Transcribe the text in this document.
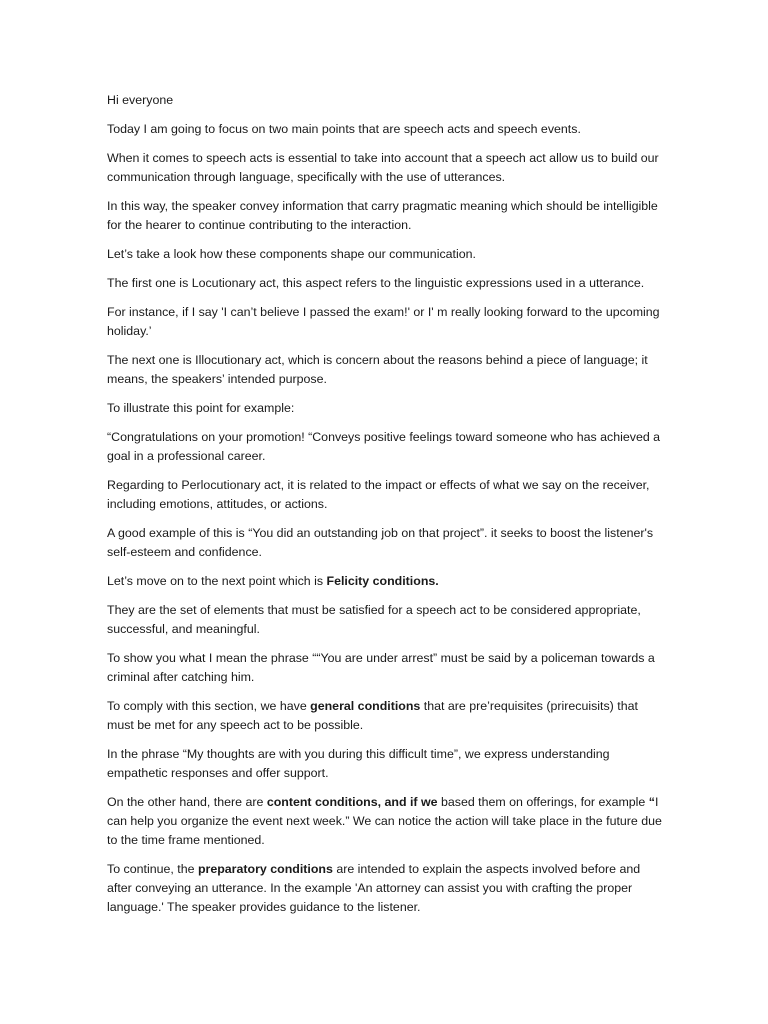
Hi everyone

Today I am going to focus on two main points that are speech acts and speech events.

When it comes to speech acts is essential to take into account that a speech act allow us to build our communication through language, specifically with the use of utterances.

In this way, the speaker convey information that carry pragmatic meaning which should be intelligible for the hearer to continue contributing to the interaction.

Let’s take a look how these components shape our communication.

The first one is Locutionary act, this aspect refers to the linguistic expressions used in a utterance.

For instance, if I say 'I can’t believe I passed the exam!' or I' m really looking forward to the upcoming holiday.’

The next one is Illocutionary act, which is concern about the reasons behind a piece of language; it means, the speakers’ intended purpose.

To illustrate this point for example:

“Congratulations on your promotion! “Conveys positive feelings toward someone who has achieved a goal in a professional career.

Regarding to Perlocutionary act, it is related to the impact or effects of what we say on the receiver, including emotions, attitudes, or actions.

A good example of this is “You did an outstanding job on that project”. it seeks to boost the listener's self-esteem and confidence.

Let’s move on to the next point which is Felicity conditions.

They are the set of elements that must be satisfied for a speech act to be considered appropriate, successful, and meaningful.

To show you what I mean the phrase ““You are under arrest” must be said by a policeman towards a criminal after catching him.

To comply with this section, we have general conditions that are pre’requisites (prirecuisits) that must be met for any speech act to be possible.

In the phrase “My thoughts are with you during this difficult time”, we express understanding empathetic responses and offer support.

On the other hand, there are content conditions, and if we based them on offerings, for example “I can help you organize the event next week.” We can notice the action will take place in the future due to the time frame mentioned.

To continue, the preparatory conditions are intended to explain the aspects involved before and after conveying an utterance. In the example 'An attorney can assist you with crafting the proper language.' The speaker provides guidance to the listener.
